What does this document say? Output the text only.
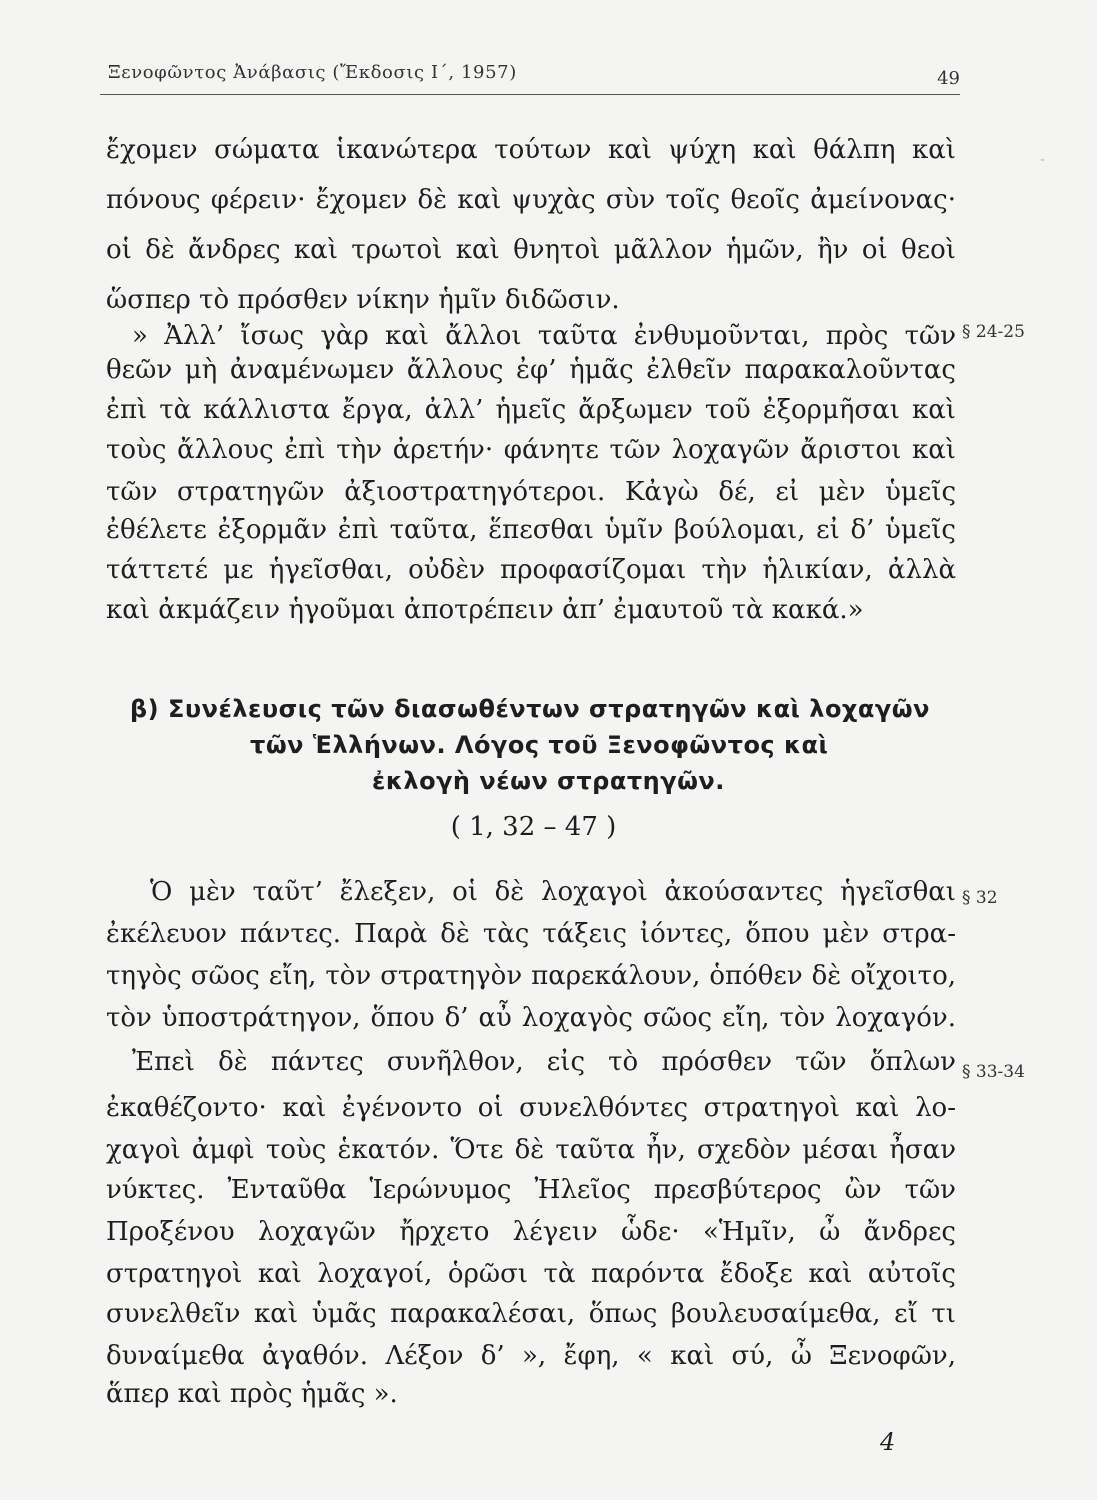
Ξενοφῶντος Ἀνάβασις (Ἔκδοσις Ι΄, 1957)	49
-
ἔχομεν σώματα ἱκανώτερα τούτων καὶ ψύχη καὶ θάλπη καὶ
πόνους φέρειν· ἔχομεν δὲ καὶ ψυχὰς σὺν τοῖς θεοῖς ἀμείνονας·
οἱ δὲ ἄνδρες καὶ τρωτοὶ καὶ θνητοὶ μᾶλλον ἡμῶν, ἢν οἱ θεοὶ
ὥσπερ τὸ πρόσθεν νίκην ἡμῖν διδῶσιν.
» Ἀλλ’ ἴσως γὰρ καὶ ἄλλοι ταῦτα ἐνθυμοῦνται, πρὸς τῶν § 24-25
θεῶν μὴ ἀναμένωμεν ἄλλους ἐφ’ ἡμᾶς ἐλθεῖν παρακαλοῦντας
ἐπὶ τὰ κάλλιστα ἔργα, ἀλλ’ ἡμεῖς ἄρξωμεν τοῦ ἐξορμῆσαι καὶ
τοὺς ἄλλους ἐπὶ τὴν ἀρετήν· φάνητε τῶν λοχαγῶν ἄριστοι καὶ
τῶν στρατηγῶν ἀξιοστρατηγότεροι. Κἀγὼ δέ, εἰ μὲν ὑμεῖς
ἐθέλετε ἐξορμᾶν ἐπὶ ταῦτα, ἕπεσθαι ὑμῖν βούλομαι, εἰ δ’ ὑμεῖς
τάττετέ με ἡγεῖσθαι, οὐδὲν προφασίζομαι τὴν ἡλικίαν, ἀλλὰ
καὶ ἀκμάζειν ἡγοῦμαι ἀποτρέπειν ἀπ’ ἐμαυτοῦ τὰ κακά.»
β) Συνέλευσις τῶν διασωθέντων στρατηγῶν καὶ λοχαγῶν
τῶν Ἑλλήνων. Λόγος τοῦ Ξενοφῶντος καὶ
ἐκλογὴ νέων στρατηγῶν.
( 1, 32 – 47 )
Ὁ μὲν ταῦτ’ ἔλεξεν, οἱ δὲ λοχαγοὶ ἀκούσαντες ἡγεῖσθαι § 32
ἐκέλευον πάντες. Παρὰ δὲ τὰς τάξεις ἰόντες, ὅπου μὲν στρα-
τηγὸς σῶος εἴη, τὸν στρατηγὸν παρεκάλουν, ὁπόθεν δὲ οἴχοιτο,
τὸν ὑποστράτηγον, ὅπου δ’ αὖ λοχαγὸς σῶος εἴη, τὸν λοχαγόν.
Ἐπεὶ δὲ πάντες συνῆλθον, εἰς τὸ πρόσθεν τῶν ὅπλων § 33-34
ἐκαθέζοντο· καὶ ἐγένοντο οἱ συνελθόντες στρατηγοὶ καὶ λο-
χαγοὶ ἀμφὶ τοὺς ἑκατόν. Ὅτε δὲ ταῦτα ἦν, σχεδὸν μέσαι ἦσαν
νύκτες. Ἐνταῦθα Ἱερώνυμος Ἠλεῖος πρεσβύτερος ὢν τῶν
Προξένου λοχαγῶν ἤρχετο λέγειν ὧδε· «Ἡμῖν, ὦ ἄνδρες
στρατηγοὶ καὶ λοχαγοί, ὁρῶσι τὰ παρόντα ἔδοξε καὶ αὐτοῖς
συνελθεῖν καὶ ὑμᾶς παρακαλέσαι, ὅπως βουλευσαίμεθα, εἴ τι
δυναίμεθα ἀγαθόν. Λέξον δ’ », ἔφη, « καὶ σύ, ὦ Ξενοφῶν,
ἅπερ καὶ πρὸς ἡμᾶς ».
4
